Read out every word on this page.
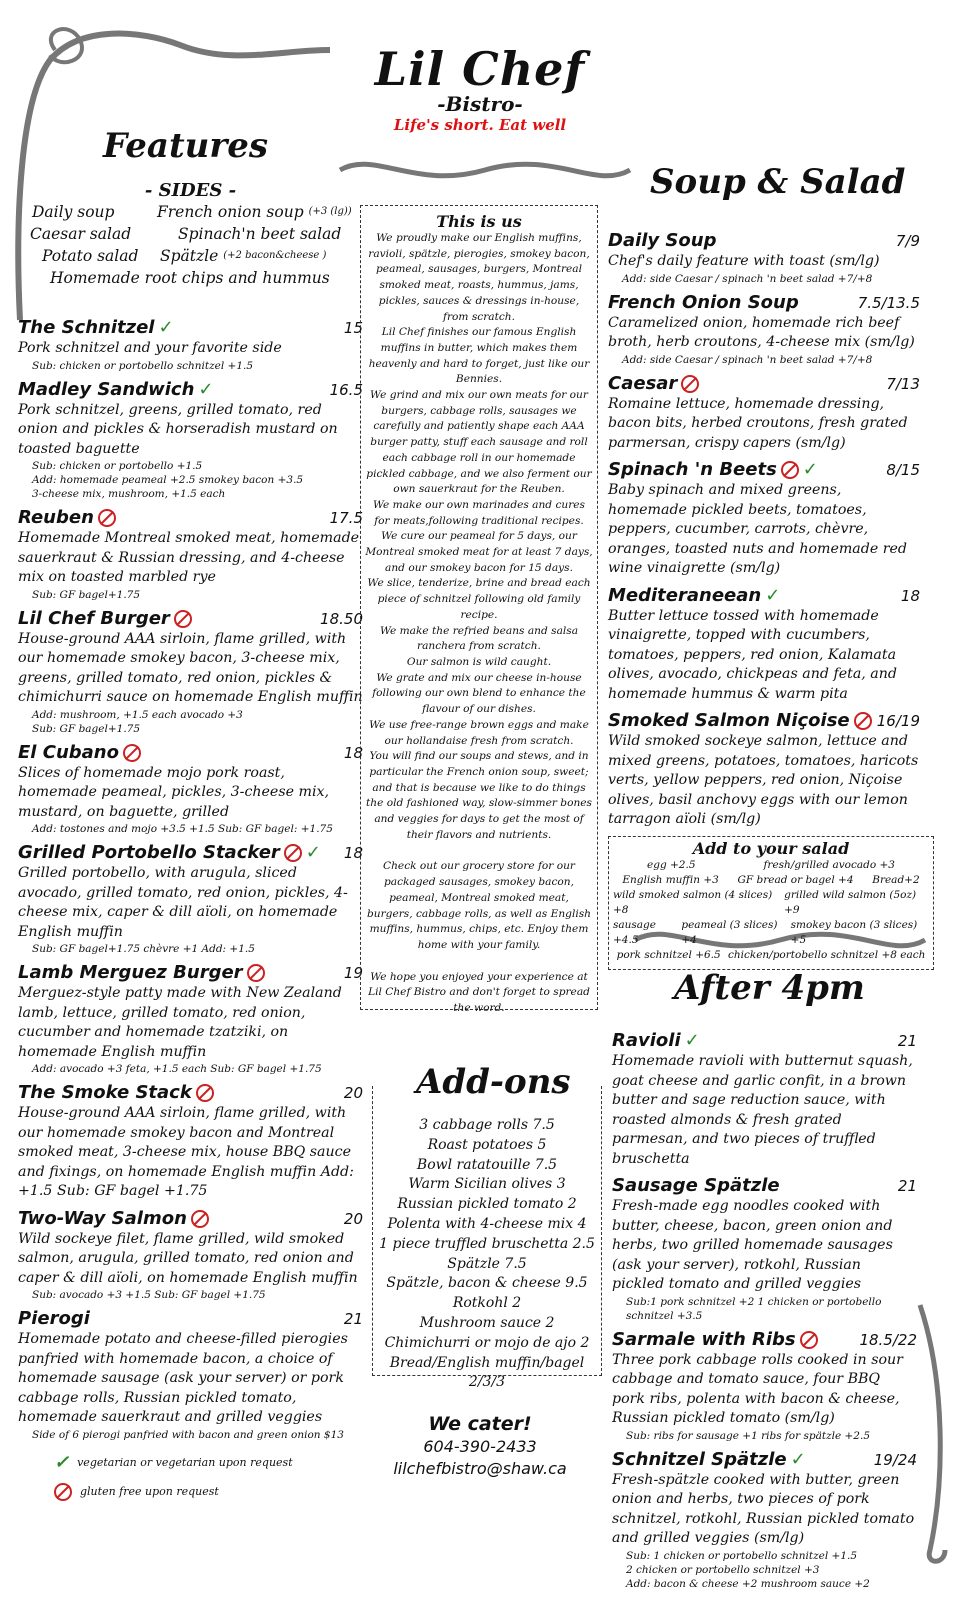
Lil Chef
-Bistro-
Life's short. Eat well
Features
- SIDES -
Daily soup	French onion soup
(+3 (lg))
Caesar salad	Spinach'n beet salad
Potato salad	Spätzle
(+2 bacon&cheese )
Homemade root chips and hummus
The Schnitzel ✓	15
Pork schnitzel and your favorite side
Sub: chicken or portobello schnitzel +1.5
Madley Sandwich ✓	16.5
Pork schnitzel, greens, grilled tomato, red onion and pickles & horseradish mustard on toasted baguette
Sub: chicken or portobello +1.5
Add: homemade peameal +2.5 smokey bacon +3.5
3-cheese mix, mushroom, +1.5 each
Reuben	17.5
Homemade Montreal smoked meat, homemade sauerkraut & Russian dressing, and 4-cheese mix on toasted marbled rye
Sub: GF bagel+1.75
Lil Chef Burger	18.50
House-ground AAA sirloin, flame grilled, with our homemade smokey bacon, 3-cheese mix, greens, grilled tomato, red onion, pickles & chimichurri sauce on homemade English muffin
Add: mushroom, +1.5 each avocado +3
Sub: GF bagel+1.75
El Cubano	18
Slices of homemade mojo pork roast, homemade peameal, pickles, 3-cheese mix, mustard, on baguette, grilled
Add: tostones and mojo +3.5 +1.5 Sub: GF bagel: +1.75
Grilled Portobello Stacker ✓ 18
Grilled portobello, with arugula, sliced avocado, grilled tomato, red onion, pickles, 4-cheese mix, caper & dill aïoli, on homemade English muffin
Sub: GF bagel+1.75 chèvre +1 Add: +1.5
Lamb Merguez Burger	19
Merguez-style patty made with New Zealand lamb, lettuce, grilled tomato, red onion, cucumber and homemade tzatziki, on homemade English muffin
Add: avocado +3 feta, +1.5 each Sub: GF bagel +1.75
The Smoke Stack	20
House-ground AAA sirloin, flame grilled, with our homemade smokey bacon and Montreal smoked meat, 3-cheese mix, house BBQ sauce and fixings, on homemade English muffin Add: +1.5 Sub: GF bagel +1.75
Two-Way Salmon	20
Wild sockeye filet, flame grilled, wild smoked salmon, arugula, grilled tomato, red onion and caper & dill aïoli, on homemade English muffin
Sub: avocado +3 +1.5 Sub: GF bagel +1.75
Pierogi	21
Homemade potato and cheese-filled pierogies panfried with homemade bacon, a choice of homemade sausage (ask your server) or pork cabbage rolls, Russian pickled tomato, homemade sauerkraut and grilled veggies
Side of 6 pierogi panfried with bacon and green onion $13
✓ vegetarian or vegetarian upon request
gluten free upon request
This is us

We proudly make our English muffins, ravioli, spätzle, pierogies, smokey bacon, peameal, sausages, burgers, Montreal smoked meat, roasts, hummus, jams, pickles, sauces & dressings in-house, from scratch.

Lil Chef finishes our famous English muffins in butter, which makes them heavenly and hard to forget, just like our Bennies.

We grind and mix our own meats for our burgers, cabbage rolls, sausages we carefully and patiently shape each AAA burger patty, stuff each sausage and roll each cabbage roll in our homemade pickled cabbage, and we also ferment our own sauerkraut for the Reuben.

We make our own marinades and cures for meats,following traditional recipes.

We cure our peameal for 5 days, our Montreal smoked meat for at least 7 days, and our smokey bacon for 15 days.

We slice, tenderize, brine and bread each piece of schnitzel following old family recipe.

We make the refried beans and salsa ranchera from scratch.

Our salmon is wild caught.

We grate and mix our cheese in-house following our own blend to enhance the flavour of our dishes.

We use free-range brown eggs and make our hollandaise fresh from scratch.

You will find our soups and stews, and in particular the French onion soup, sweet; and that is because we like to do things the old fashioned way, slow-simmer bones and veggies for days to get the most of their flavors and nutrients.

Check out our grocery store for our packaged sausages, smokey bacon, peameal, Montreal smoked meat, burgers, cabbage rolls, as well as English muffins, hummus, chips, etc. Enjoy them home with your family.

We hope you enjoyed your experience at Lil Chef Bistro and don't forget to spread the word.

3 cabbage rolls 7.5
Roast potatoes 5
Bowl ratatouille 7.5
Warm Sicilian olives 3
Russian pickled tomato 2
Polenta with 4-cheese mix 4
1 piece truffled bruschetta 2.5
Spätzle 7.5
Spätzle, bacon & cheese 9.5
Rotkohl 2
Mushroom sauce 2
Chimichurri or mojo de ajo 2
Bread/English muffin/bagel 2/3/3
Add-ons
We cater!
604-390-2433
lilchefbistro@shaw.ca
Soup & Salad
Daily Soup	7/9
Chef's daily feature with toast (sm/lg)
Add: side Caesar / spinach 'n beet salad +7/+8
French Onion Soup	7.5/13.5
Caramelized onion, homemade rich beef broth, herb croutons, 4-cheese mix (sm/lg)
Add: side Caesar / spinach 'n beet salad +7/+8
Caesar	7/13
Romaine lettuce, homemade dressing, bacon bits, herbed croutons, fresh grated parmersan, crispy capers (sm/lg)
Spinach 'n Beets ✓	8/15
Baby spinach and mixed greens, homemade pickled beets, tomatoes, peppers, cucumber, carrots, chèvre, oranges, toasted nuts and homemade red wine vinaigrette (sm/lg)
Mediteraneean ✓	18
Butter lettuce tossed with homemade vinaigrette, topped with cucumbers, tomatoes, peppers, red onion, Kalamata olives, avocado, chickpeas and feta, and homemade hummus & warm pita
Smoked Salmon Niçoise 16/19
Wild smoked sockeye salmon, lettuce and mixed greens, potatoes, tomatoes, haricots verts, yellow peppers, red onion, Niçoise olives, basil anchovy eggs with our lemon tarragon aïoli (sm/lg)
Add to your salad
egg +2.5	fresh/grilled avocado +3
English muffin +3 GF bread or bagel +4 Bread+2
wild smoked salmon (4 slices) +8
grilled wild salmon (5oz) +9
sausage +4.5
peameal (3 slices) +4
smokey bacon (3 slices) +5
pork schnitzel +6.5 chicken/portobello schnitzel +8 each
After 4pm
Ravioli ✓	21
Homemade ravioli with butternut squash, goat cheese and garlic confit, in a brown butter and sage reduction sauce, with roasted almonds & fresh grated parmesan, and two pieces of truffled bruschetta
Sausage Spätzle	21
Fresh-made egg noodles cooked with butter, cheese, bacon, green onion and herbs, two grilled homemade sausages (ask your server), rotkohl, Russian pickled tomato and grilled veggies
Sub:1 pork schnitzel +2 1 chicken or portobello schnitzel +3.5
Sarmale with Ribs	18.5/22
Three pork cabbage rolls cooked in sour cabbage and tomato sauce, four BBQ pork ribs, polenta with bacon & cheese, Russian pickled tomato (sm/lg)
Sub: ribs for sausage +1 ribs for spätzle +2.5
Schnitzel Spätzle ✓	19/24
Fresh-spätzle cooked with butter, green onion and herbs, two pieces of pork schnitzel, rotkohl, Russian pickled tomato and grilled veggies (sm/lg)
Sub: 1 chicken or portobello schnitzel +1.5
2 chicken or portobello schnitzel +3
Add: bacon & cheese +2 mushroom sauce +2
